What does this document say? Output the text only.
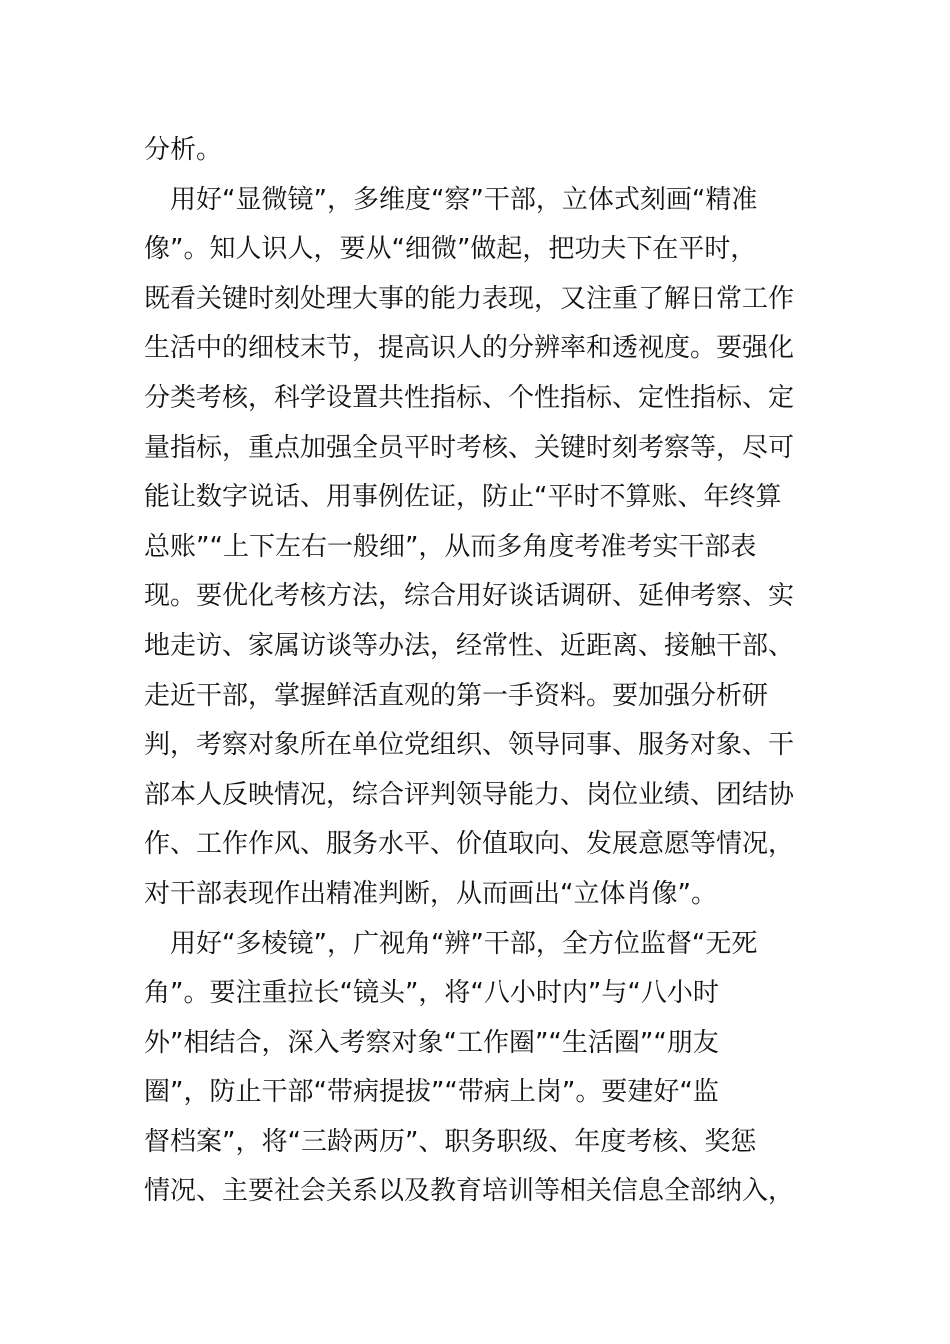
分析。
　用好“显微镜”，多维度“察”干部，立体式刻画“精准
像”。知人识人，要从“细微”做起，把功夫下在平时，
既看关键时刻处理大事的能力表现，又注重了解日常工作
生活中的细枝末节，提高识人的分辨率和透视度。要强化
分类考核，科学设置共性指标、个性指标、定性指标、定
量指标，重点加强全员平时考核、关键时刻考察等，尽可
能让数字说话、用事例佐证，防止“平时不算账、年终算
总账”“上下左右一般细”，从而多角度考准考实干部表
现。要优化考核方法，综合用好谈话调研、延伸考察、实
地走访、家属访谈等办法，经常性、近距离、接触干部、
走近干部，掌握鲜活直观的第一手资料。要加强分析研
判，考察对象所在单位党组织、领导同事、服务对象、干
部本人反映情况，综合评判领导能力、岗位业绩、团结协
作、工作作风、服务水平、价值取向、发展意愿等情况，
对干部表现作出精准判断，从而画出“立体肖像”。
　用好“多棱镜”，广视角“辨”干部，全方位监督“无死
角”。要注重拉长“镜头”，将“八小时内”与“八小时
外”相结合，深入考察对象“工作圈”“生活圈”“朋友
圈”，防止干部“带病提拔”“带病上岗”。要建好“监
督档案”，将“三龄两历”、职务职级、年度考核、奖惩
情况、主要社会关系以及教育培训等相关信息全部纳入，
